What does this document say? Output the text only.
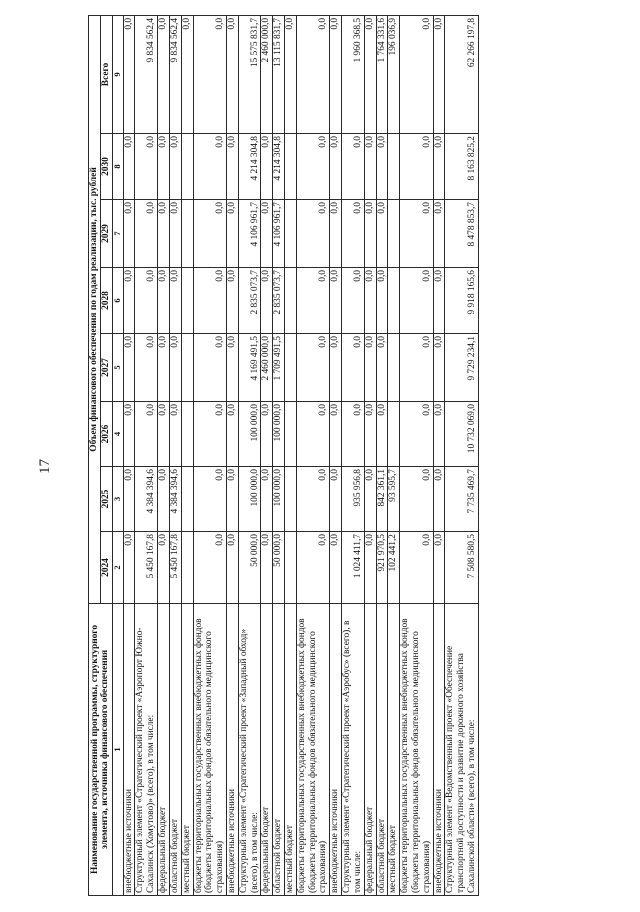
17
Наименование государственной программы, структурного элемента, источника финансового обеспечения	Объем финансового обеспечения по годам реализации, тыс. рублей							
	2024	2025	2026	2027	2028	2029	2030	Всего
1	2	3	4	5	6	7	8	9
внебюджетные источники	0,0	0,0	0,0	0,0	0,0	0,0	0,0	0,0
Структурный элемент «Стратегический проект «Аэропорт Южно-Сахалинск (Хомутово)» (всего), в том числе:	5 450 167,8	4 384 394,6	0,0	0,0	0,0	0,0	0,0	9 834 562,4
федеральный бюджет	0,0	0,0	0,0	0,0	0,0	0,0	0,0	0,0
областной бюджет	5 450 167,8	4 384 394,6	0,0	0,0	0,0	0,0	0,0	9 834 562,4
местный бюджет								0,0
бюджеты территориальных государственных внебюджетных фондов (бюджеты территориальных фондов обязательного медицинского страхования)	0,0	0,0	0,0	0,0	0,0	0,0	0,0	0,0
внебюджетные источники	0,0	0,0	0,0	0,0	0,0	0,0	0,0	0,0
Структурный элемент «Стратегический проект «Западный обход» (всего), в том числе:	50 000,0	100 000,0	100 000,0	4 169 491,5	2 835 073,7	4 106 961,7	4 214 304,8	15 575 831,7
федеральный бюджет	0,0	0,0	0,0	2 460 000,0	0,0	0,0	0,0	2 460 000,0
областной бюджет	50 000,0	100 000,0	100 000,0	1 709 491,5	2 835 073,7	4 106 961,7	4 214 304,8	13 115 831,7
местный бюджет								0,0
бюджеты территориальных государственных внебюджетных фондов (бюджеты территориальных фондов обязательного медицинского страхования)	0,0	0,0	0,0	0,0	0,0	0,0	0,0	0,0
внебюджетные источники	0,0	0,0	0,0	0,0	0,0	0,0	0,0	0,0
Структурный элемент «Стратегический проект «Аэробус» (всего), в том числе:	1 024 411,7	935 956,8	0,0	0,0	0,0	0,0	0,0	1 960 368,5
федеральный бюджет	0,0	0,0	0,0	0,0	0,0	0,0	0,0	0,0
областной бюджет	921 970,5	842 361,1	0,0	0,0	0,0	0,0	0,0	1 764 331,6
местный бюджет	102 441,2	93 595,7						196 036,9
бюджеты территориальных государственных внебюджетных фондов (бюджеты территориальных фондов обязательного медицинского страхования)	0,0	0,0	0,0	0,0	0,0	0,0	0,0	0,0
внебюджетные источники	0,0	0,0	0,0	0,0	0,0	0,0	0,0	0,0
Структурный элемент «Ведомственный проект «Обеспечение транспортной доступности и развитие дорожного хозяйства Сахалинской области» (всего), в том числе:	7 508 580,5	7 735 469,7	10 732 069,0	9 729 234,1	9 918 165,6	8 478 853,7	8 163 825,2	62 266 197,8
